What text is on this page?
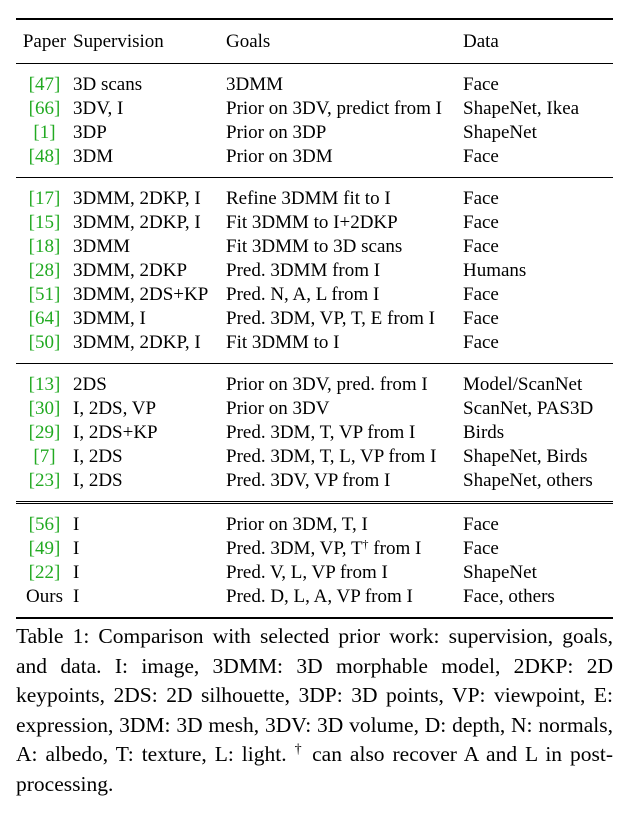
Paper	Supervision	Goals	Data
[47]	3D scans	3DMM	Face
[66]	3DV, I	Prior on 3DV, predict from I	ShapeNet, Ikea
[1]	3DP	Prior on 3DP	ShapeNet
[48]	3DM	Prior on 3DM	Face
[17]	3DMM, 2DKP, I	Refine 3DMM fit to I	Face
[15]	3DMM, 2DKP, I	Fit 3DMM to I+2DKP	Face
[18]	3DMM	Fit 3DMM to 3D scans	Face
[28]	3DMM, 2DKP	Pred. 3DMM from I	Humans
[51]	3DMM, 2DS+KP	Pred. N, A, L from I	Face
[64]	3DMM, I	Pred. 3DM, VP, T, E from I	Face
[50]	3DMM, 2DKP, I	Fit 3DMM to I	Face
[13]	2DS	Prior on 3DV, pred. from I	Model/ScanNet
[30]	I, 2DS, VP	Prior on 3DV	ScanNet, PAS3D
[29]	I, 2DS+KP	Pred. 3DM, T, VP from I	Birds
[7]	I, 2DS	Pred. 3DM, T, L, VP from I	ShapeNet, Birds
[23]	I, 2DS	Pred. 3DV, VP from I	ShapeNet, others
[56]	I	Prior on 3DM, T, I	Face
[49]	I	Pred. 3DM, VP, T† from I	Face
[22]	I	Pred. V, L, VP from I	ShapeNet
Ours	I	Pred. D, L, A, VP from I	Face, others
Table 1: Comparison with selected prior work: supervision, goals, and data. I: image, 3DMM: 3D morphable model, 2DKP: 2D keypoints, 2DS: 2D silhouette, 3DP: 3D points, VP: viewpoint, E: expression, 3DM: 3D mesh, 3DV: 3D volume, D: depth, N: normals, A: albedo, T: texture, L: light. † can also recover A and L in post-processing.
